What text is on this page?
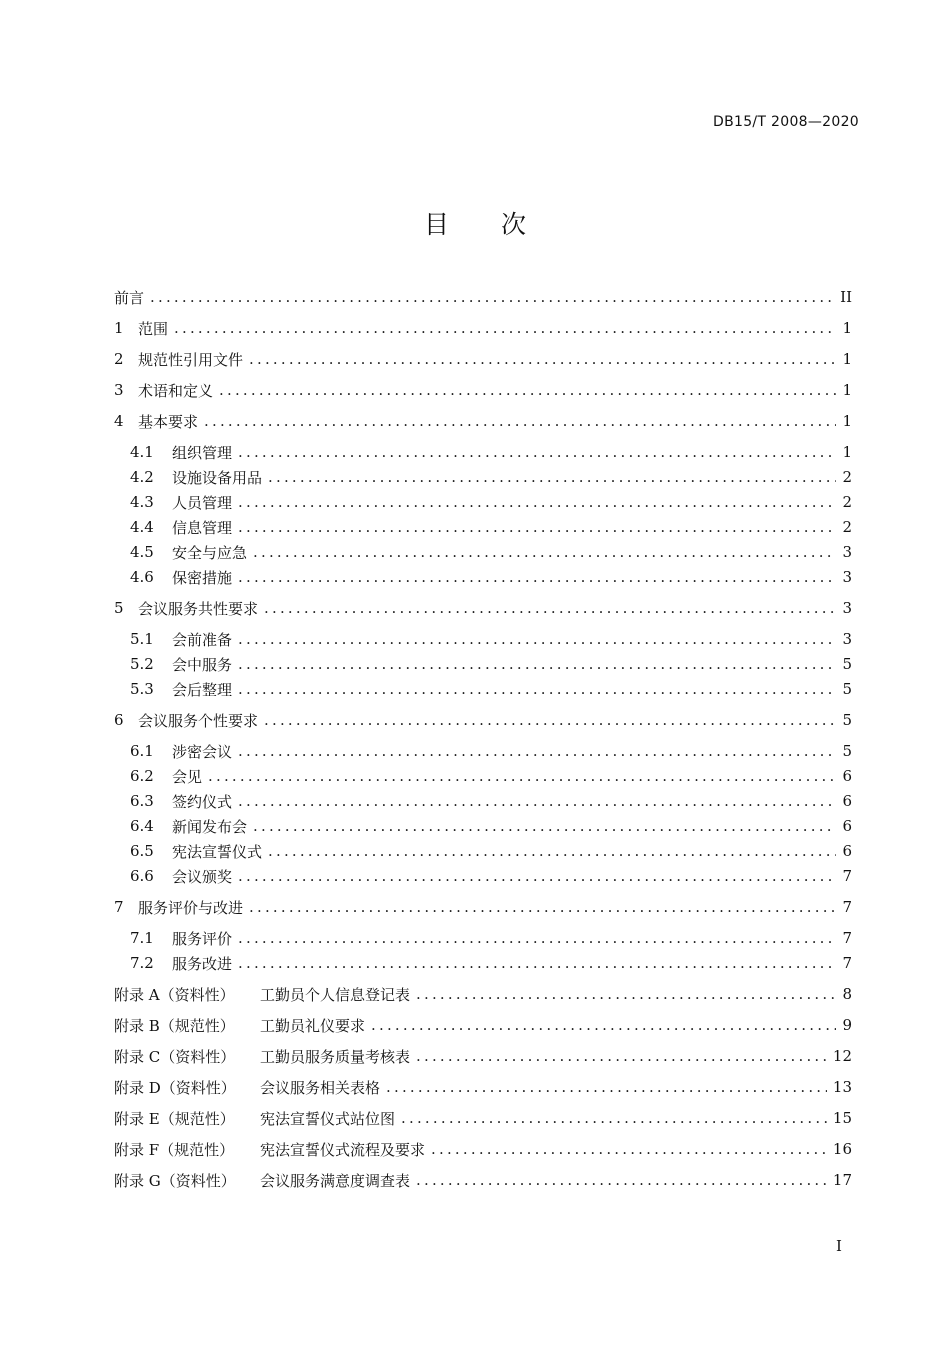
DB15/T 2008—2020
目 次
前言 .....	II
1 范围 .....	1
2 规范性引用文件 .....	1
3 术语和定义 .....	1
4 基本要求 .....	1
4.1	组织管理 .....	1
4.2	设施设备用品 .....	2
4.3	人员管理 .....	2
4.4	信息管理 .....	2
4.5	安全与应急 .....	3
4.6	保密措施 .....	3
5 会议服务共性要求 .....	3
5.1	会前准备 .....	3
5.2	会中服务 .....	5
5.3	会后整理 .....	5
6 会议服务个性要求 .....	5
6.1	涉密会议 .....	5
6.2	会见 .....	6
6.3	签约仪式 .....	6
6.4	新闻发布会 .....	6
6.5	宪法宣誓仪式 .....	6
6.6	会议颁奖 .....	7
7 服务评价与改进 .....	7
7.1	服务评价 .....	7
7.2	服务改进 .....	7
附录 A（资料性）	工勤员个人信息登记表 .....	8
附录 B（规范性）	工勤员礼仪要求 .....	9
附录 C（资料性）	工勤员服务质量考核表 .....	12
附录 D（资料性）	会议服务相关表格 .....	13
附录 E（规范性）	宪法宣誓仪式站位图 .....	15
附录 F（规范性）	宪法宣誓仪式流程及要求 .....	16
附录 G（资料性）	会议服务满意度调查表 .....	17
I
